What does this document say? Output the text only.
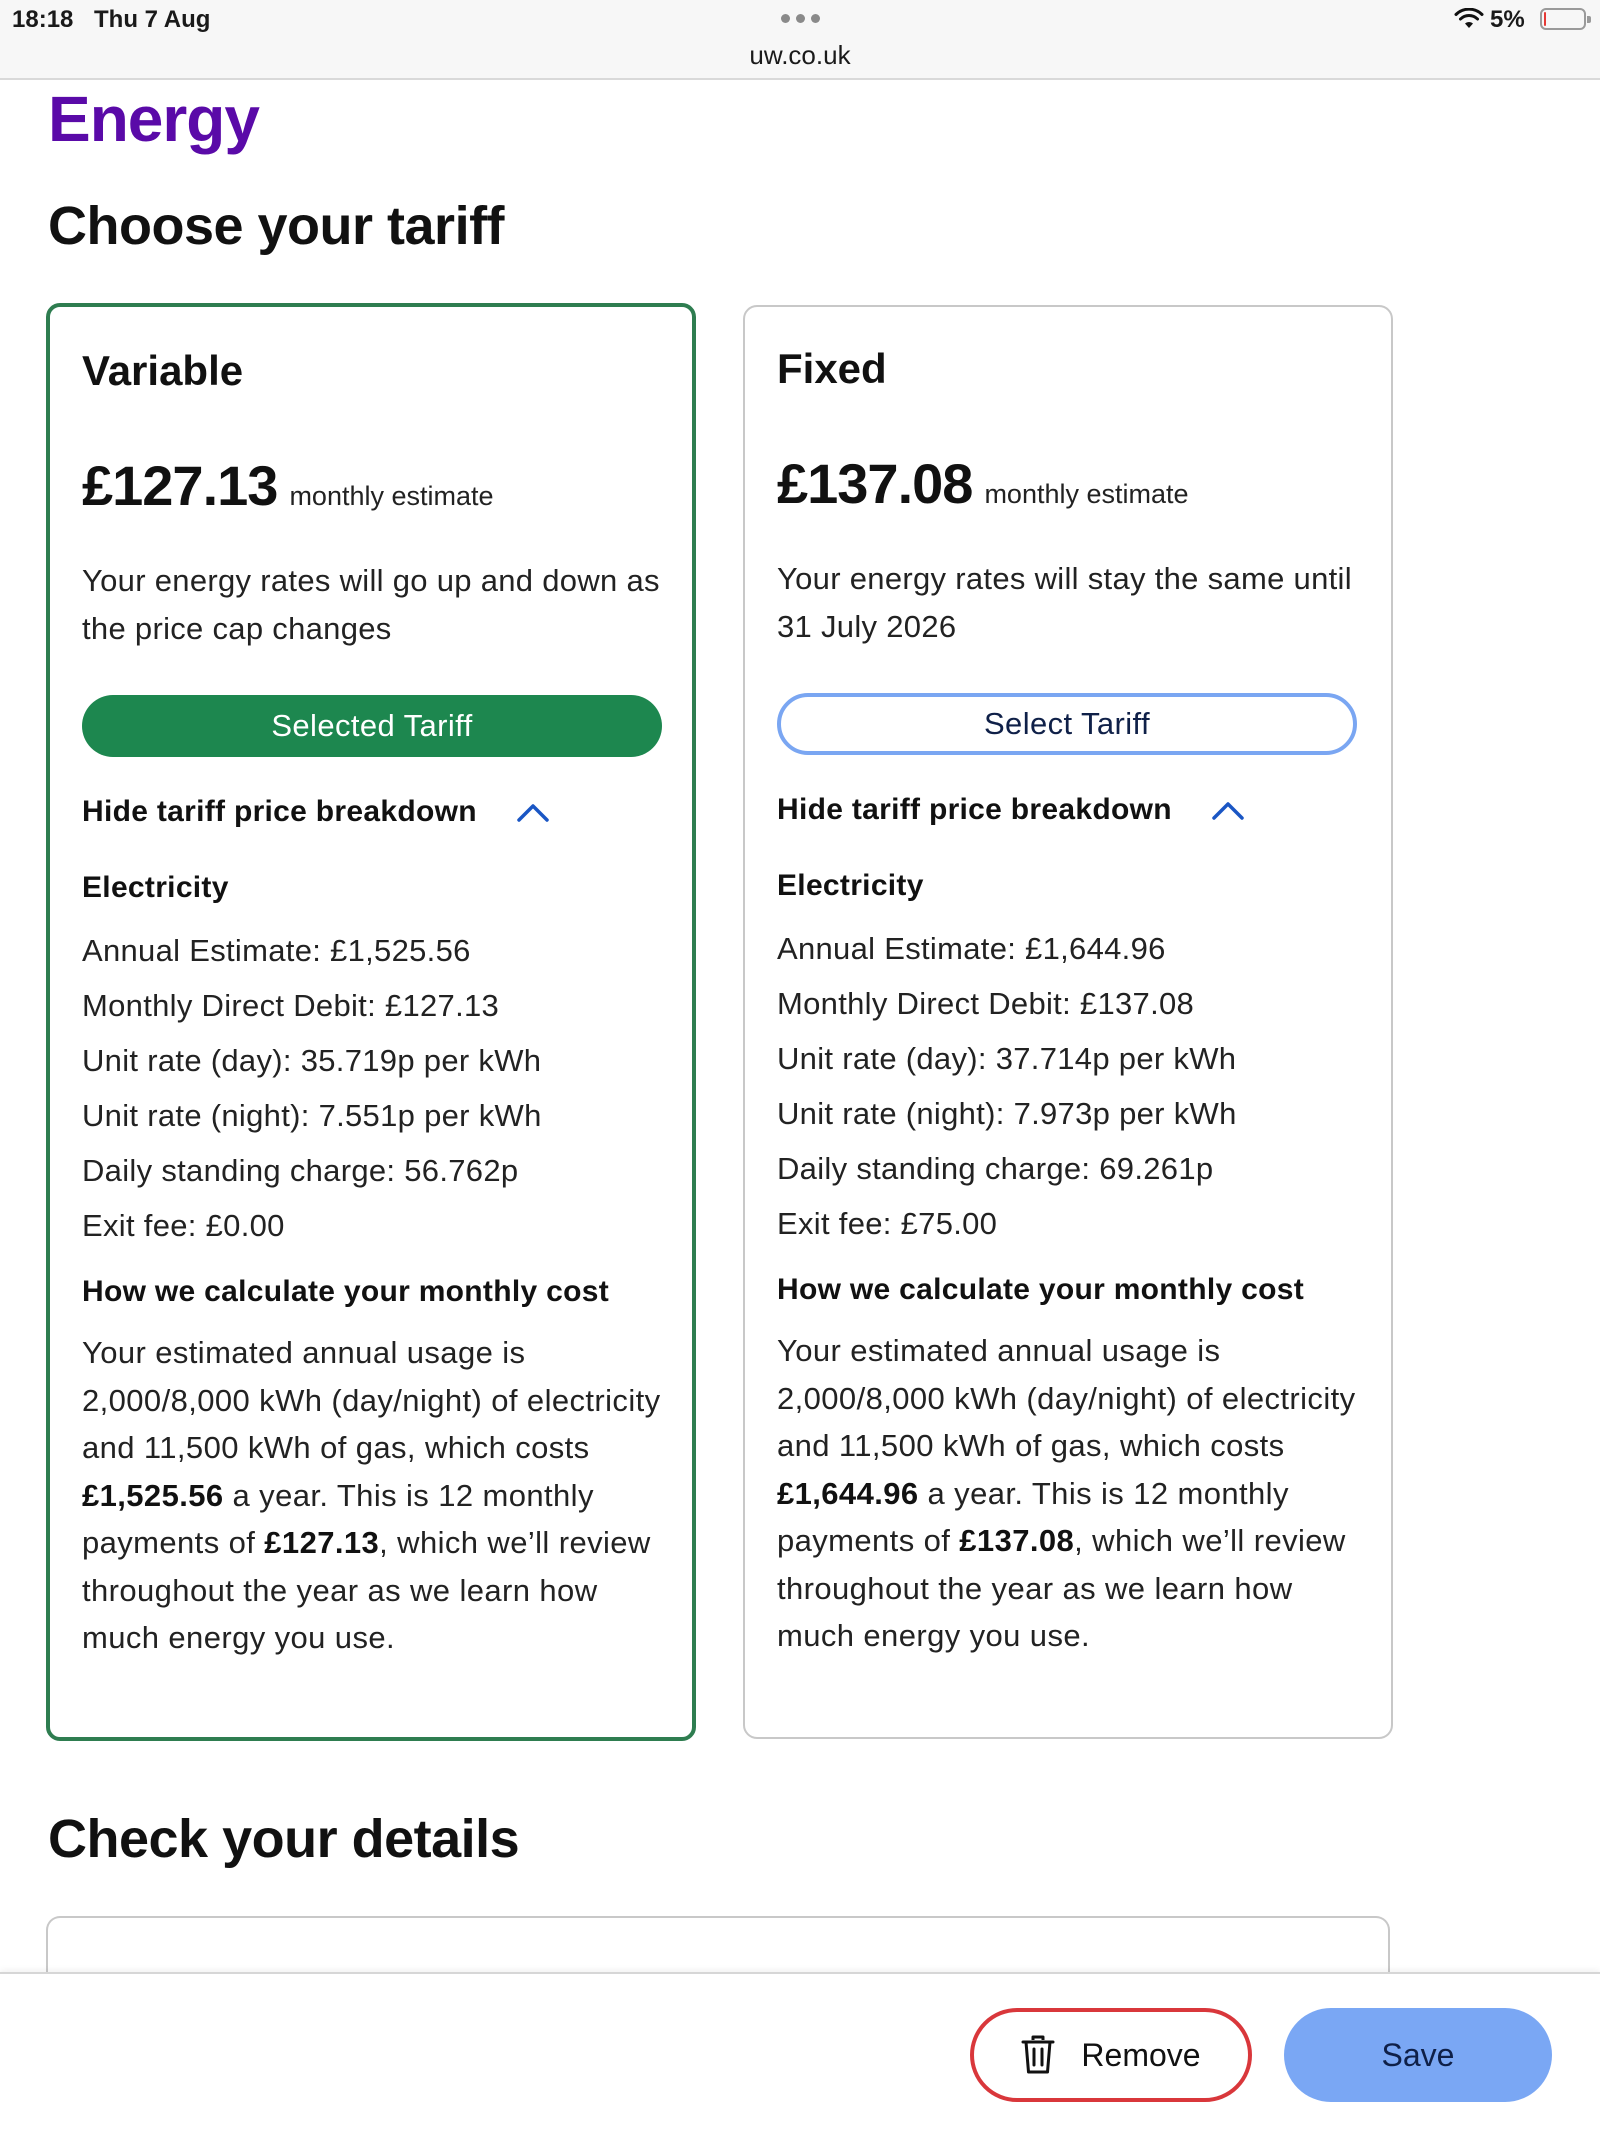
18:18 Thu 7 Aug
uw.co.uk
5%
Energy
Choose your tariff
Variable
£127.13 monthly estimate
Your energy rates will go up and down as the price cap changes
Selected Tariff
Hide tariff price breakdown
Electricity
Annual Estimate: £1,525.56
Monthly Direct Debit: £127.13
Unit rate (day): 35.719p per kWh
Unit rate (night): 7.551p per kWh
Daily standing charge: 56.762p
Exit fee: £0.00
How we calculate your monthly cost
Your estimated annual usage is 2,000/8,000 kWh (day/night) of electricity and 11,500 kWh of gas, which costs £1,525.56 a year. This is 12 monthly payments of £127.13, which we’ll review throughout the year as we learn how much energy you use.
Fixed
£137.08 monthly estimate
Your energy rates will stay the same until 31 July 2026
Select Tariff
Hide tariff price breakdown
Electricity
Annual Estimate: £1,644.96
Monthly Direct Debit: £137.08
Unit rate (day): 37.714p per kWh
Unit rate (night): 7.973p per kWh
Daily standing charge: 69.261p
Exit fee: £75.00
How we calculate your monthly cost
Your estimated annual usage is 2,000/8,000 kWh (day/night) of electricity and 11,500 kWh of gas, which costs £1,644.96 a year. This is 12 monthly payments of £137.08, which we’ll review throughout the year as we learn how much energy you use.
Check your details
Remove	Save
